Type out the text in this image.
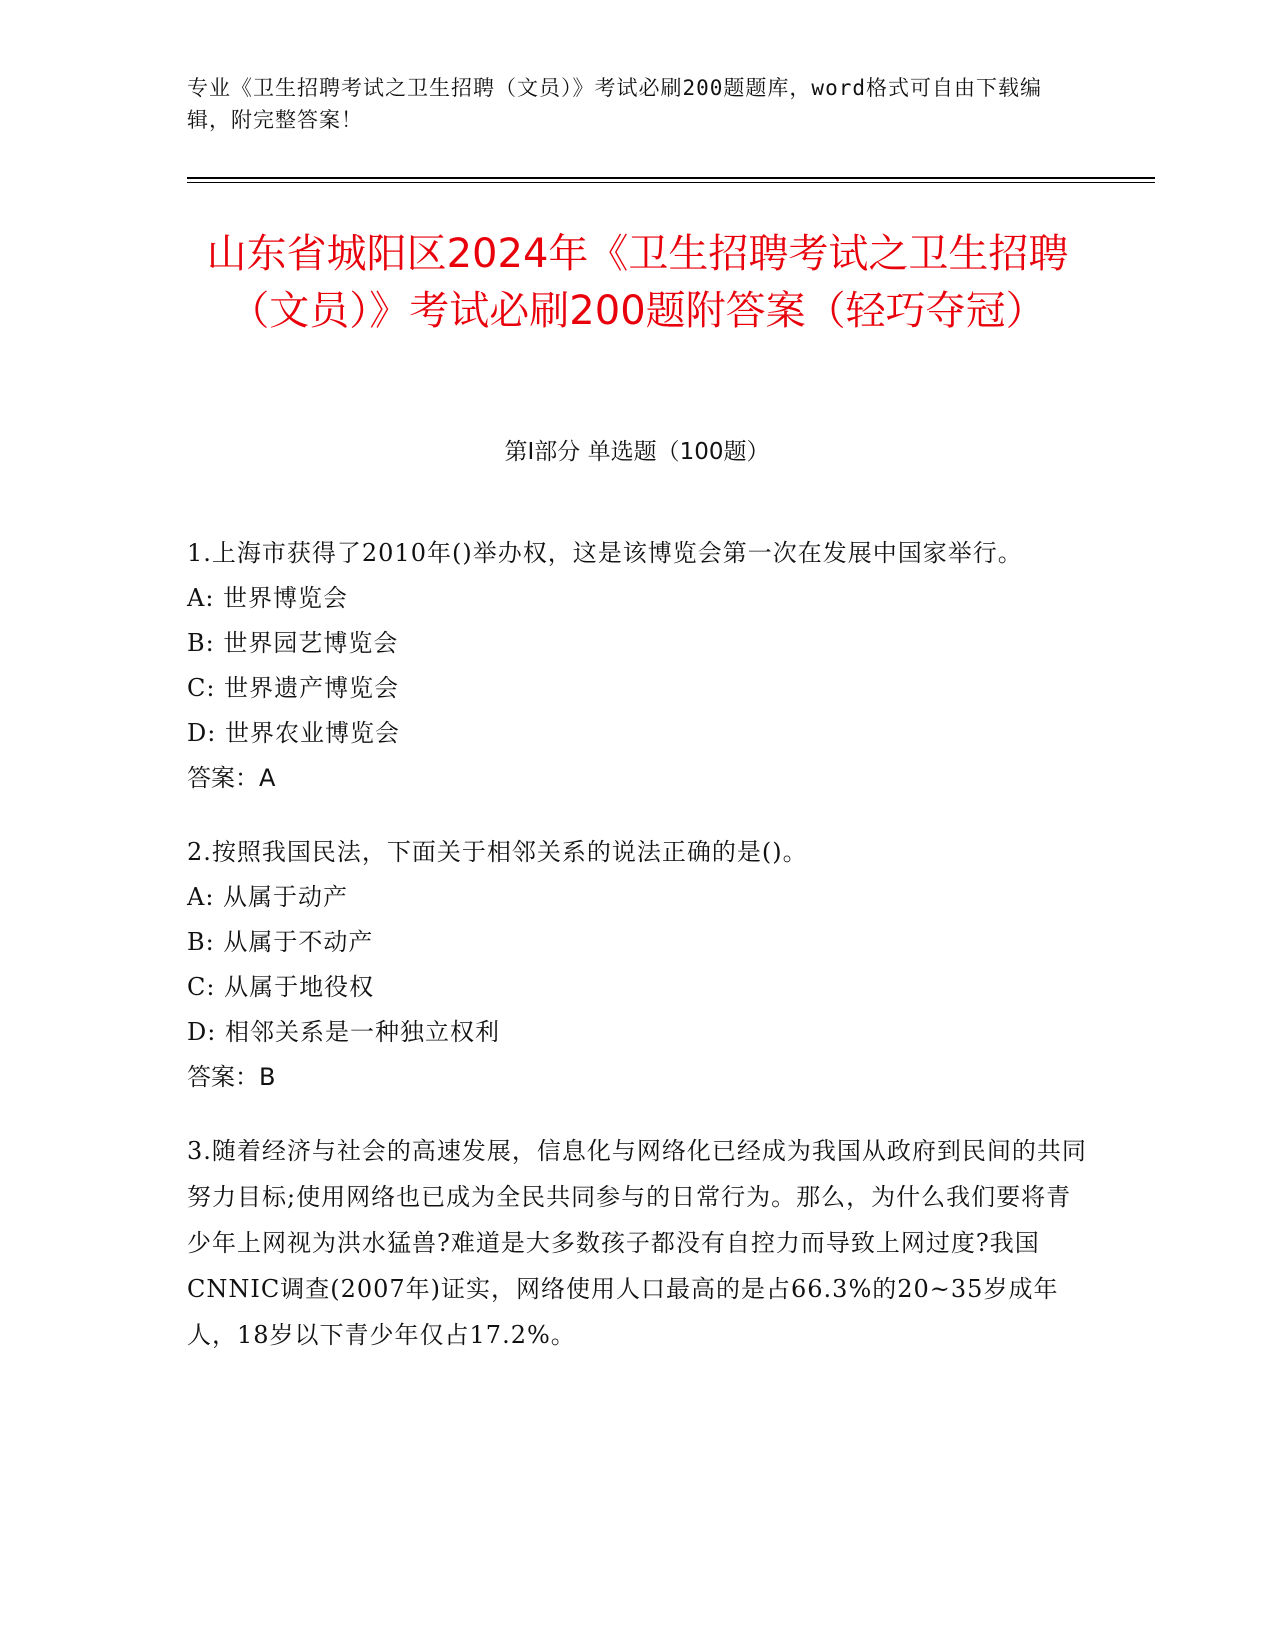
专业《卫生招聘考试之卫生招聘（文员）》考试必刷200题题库，word格式可自由下载编辑，附完整答案！
山东省城阳区2024年《卫生招聘考试之卫生招聘（文员）》考试必刷200题附答案（轻巧夺冠）
第Ⅰ部分 单选题（100题）

1.上海市获得了2010年()举办权，这是该博览会第一次在发展中国家举行。

A: 世界博览会

B: 世界园艺博览会

C: 世界遗产博览会

D: 世界农业博览会

答案：A

2.按照我国民法，下面关于相邻关系的说法正确的是()。

A: 从属于动产

B: 从属于不动产

C: 从属于地役权

D: 相邻关系是一种独立权利

答案：B

3.随着经济与社会的高速发展，信息化与网络化已经成为我国从政府到民间的共同努力目标;使用网络也已成为全民共同参与的日常行为。那么，为什么我们要将青少年上网视为洪水猛兽?难道是大多数孩子都没有自控力而导致上网过度?我国CNNIC调查(2007年)证实，网络使用人口最高的是占66.3%的20~35岁成年人，18岁以下青少年仅占17.2%。
